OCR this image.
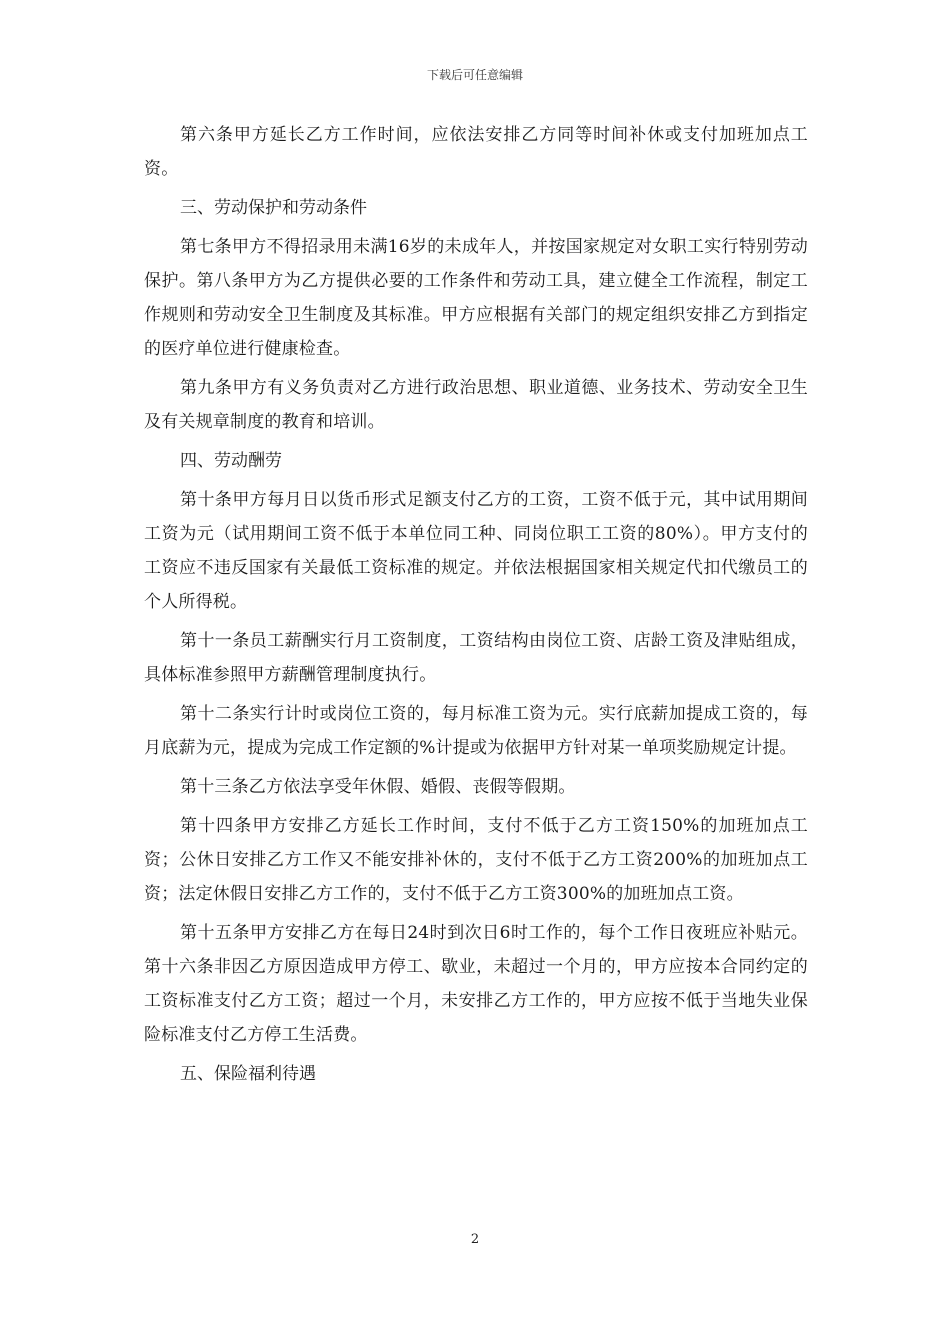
下载后可任意编辑

第六条甲方延长乙方工作时间，应依法安排乙方同等时间补休或支付加班加点工资。

三、劳动保护和劳动条件

第七条甲方不得招录用未满16岁的未成年人，并按国家规定对女职工实行特别劳动保护。第八条甲方为乙方提供必要的工作条件和劳动工具，建立健全工作流程，制定工作规则和劳动安全卫生制度及其标准。甲方应根据有关部门的规定组织安排乙方到指定的医疗单位进行健康检查。

第九条甲方有义务负责对乙方进行政治思想、职业道德、业务技术、劳动安全卫生及有关规章制度的教育和培训。

四、劳动酬劳

第十条甲方每月日以货币形式足额支付乙方的工资，工资不低于元，其中试用期间工资为元（试用期间工资不低于本单位同工种、同岗位职工工资的80%）。甲方支付的工资应不违反国家有关最低工资标准的规定。并依法根据国家相关规定代扣代缴员工的个人所得税。

第十一条员工薪酬实行月工资制度，工资结构由岗位工资、店龄工资及津贴组成，具体标准参照甲方薪酬管理制度执行。

第十二条实行计时或岗位工资的，每月标准工资为元。实行底薪加提成工资的，每月底薪为元，提成为完成工作定额的%计提或为依据甲方针对某一单项奖励规定计提。

第十三条乙方依法享受年休假、婚假、丧假等假期。

第十四条甲方安排乙方延长工作时间，支付不低于乙方工资150%的加班加点工资；公休日安排乙方工作又不能安排补休的，支付不低于乙方工资200%的加班加点工资；法定休假日安排乙方工作的，支付不低于乙方工资300%的加班加点工资。

第十五条甲方安排乙方在每日24时到次日6时工作的，每个工作日夜班应补贴元。第十六条非因乙方原因造成甲方停工、歇业，未超过一个月的，甲方应按本合同约定的工资标准支付乙方工资；超过一个月，未安排乙方工作的，甲方应按不低于当地失业保险标准支付乙方停工生活费。

五、保险福利待遇

2
